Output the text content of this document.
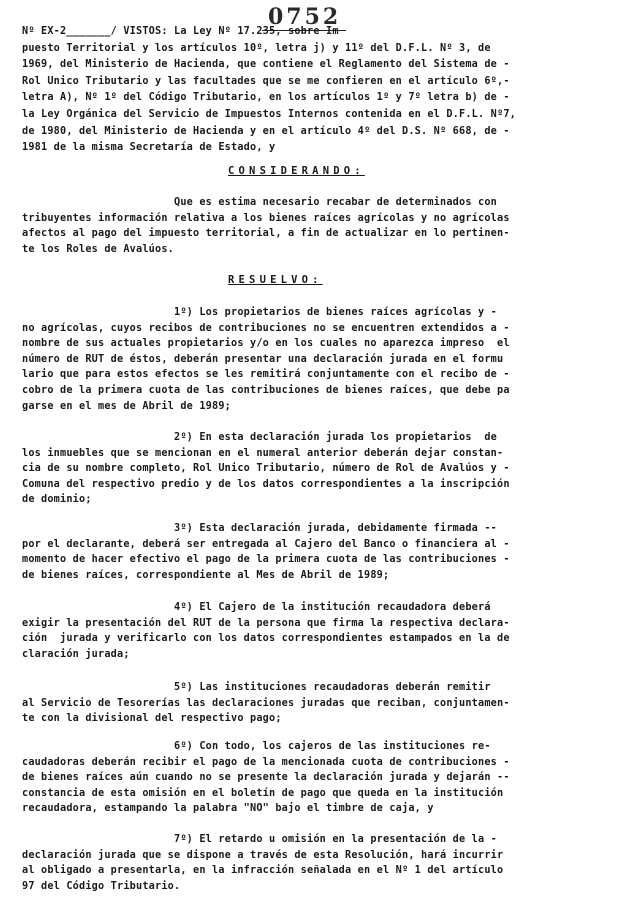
0752
Nº EX-2_______/ VISTOS: La Ley Nº 17.235, sobre Im
puesto Territorial y los artículos 10º, letra j) y 11º del D.F.L. Nº 3, de
1969, del Ministerio de Hacienda, que contiene el Reglamento del Sistema de -
Rol Unico Tributario y las facultades que se me confieren en el artículo 6º,-
letra A), Nº 1º del Código Tributario, en los artículos 1º y 7º letra b) de -
la Ley Orgánica del Servicio de Impuestos Internos contenida en el D.F.L. Nº7,
de 1980, del Ministerio de Hacienda y en el artículo 4º del D.S. Nº 668, de -
1981 de la misma Secretaría de Estado, y
CONSIDERANDO:
Que es estima necesario recabar de determinados con
tribuyentes información relativa a los bienes raíces agrícolas y no agrícolas
afectos al pago del impuesto territorial, a fin de actualizar en lo pertinen-
te los Roles de Avalúos.
RESUELVO:
1º) Los propietarios de bienes raíces agrícolas y -
no agrícolas, cuyos recibos de contribuciones no se encuentren extendidos a -
nombre de sus actuales propietarios y/o en los cuales no aparezca impreso  el
número de RUT de éstos, deberán presentar una declaración jurada en el formu
lario que para estos efectos se les remitirá conjuntamente con el recibo de -
cobro de la primera cuota de las contribuciones de bienes raíces, que debe pa
garse en el mes de Abril de 1989;
2º) En esta declaración jurada los propietarios  de
los inmuebles que se mencionan en el numeral anterior deberán dejar constan-
cia de su nombre completo, Rol Unico Tributario, número de Rol de Avalúos y -
Comuna del respectivo predio y de los datos correspondientes a la inscripción
de dominio;
3º) Esta declaración jurada, debidamente firmada --
por el declarante, deberá ser entregada al Cajero del Banco o financiera al -
momento de hacer efectivo el pago de la primera cuota de las contribuciones -
de bienes raíces, correspondiente al Mes de Abril de 1989;
4º) El Cajero de la institución recaudadora deberá
exigir la presentación del RUT de la persona que firma la respectiva declara-
ción  jurada y verificarlo con los datos correspondientes estampados en la de
claración jurada;
5º) Las instituciones recaudadoras deberán remitir
al Servicio de Tesorerías las declaraciones juradas que reciban, conjuntamen-
te con la divisional del respectivo pago;
6º) Con todo, los cajeros de las instituciones re-
caudadoras deberán recibir el pago de la mencionada cuota de contribuciones -
de bienes raíces aún cuando no se presente la declaración jurada y dejarán --
constancia de esta omisión en el boletín de pago que queda en la institución
recaudadora, estampando la palabra "NO" bajo el timbre de caja, y
7º) El retardo u omisión en la presentación de la -
declaración jurada que se dispone a través de esta Resolución, hará incurrir
al obligado a presentarla, en la infracción señalada en el Nº 1 del artículo
97 del Código Tributario.
